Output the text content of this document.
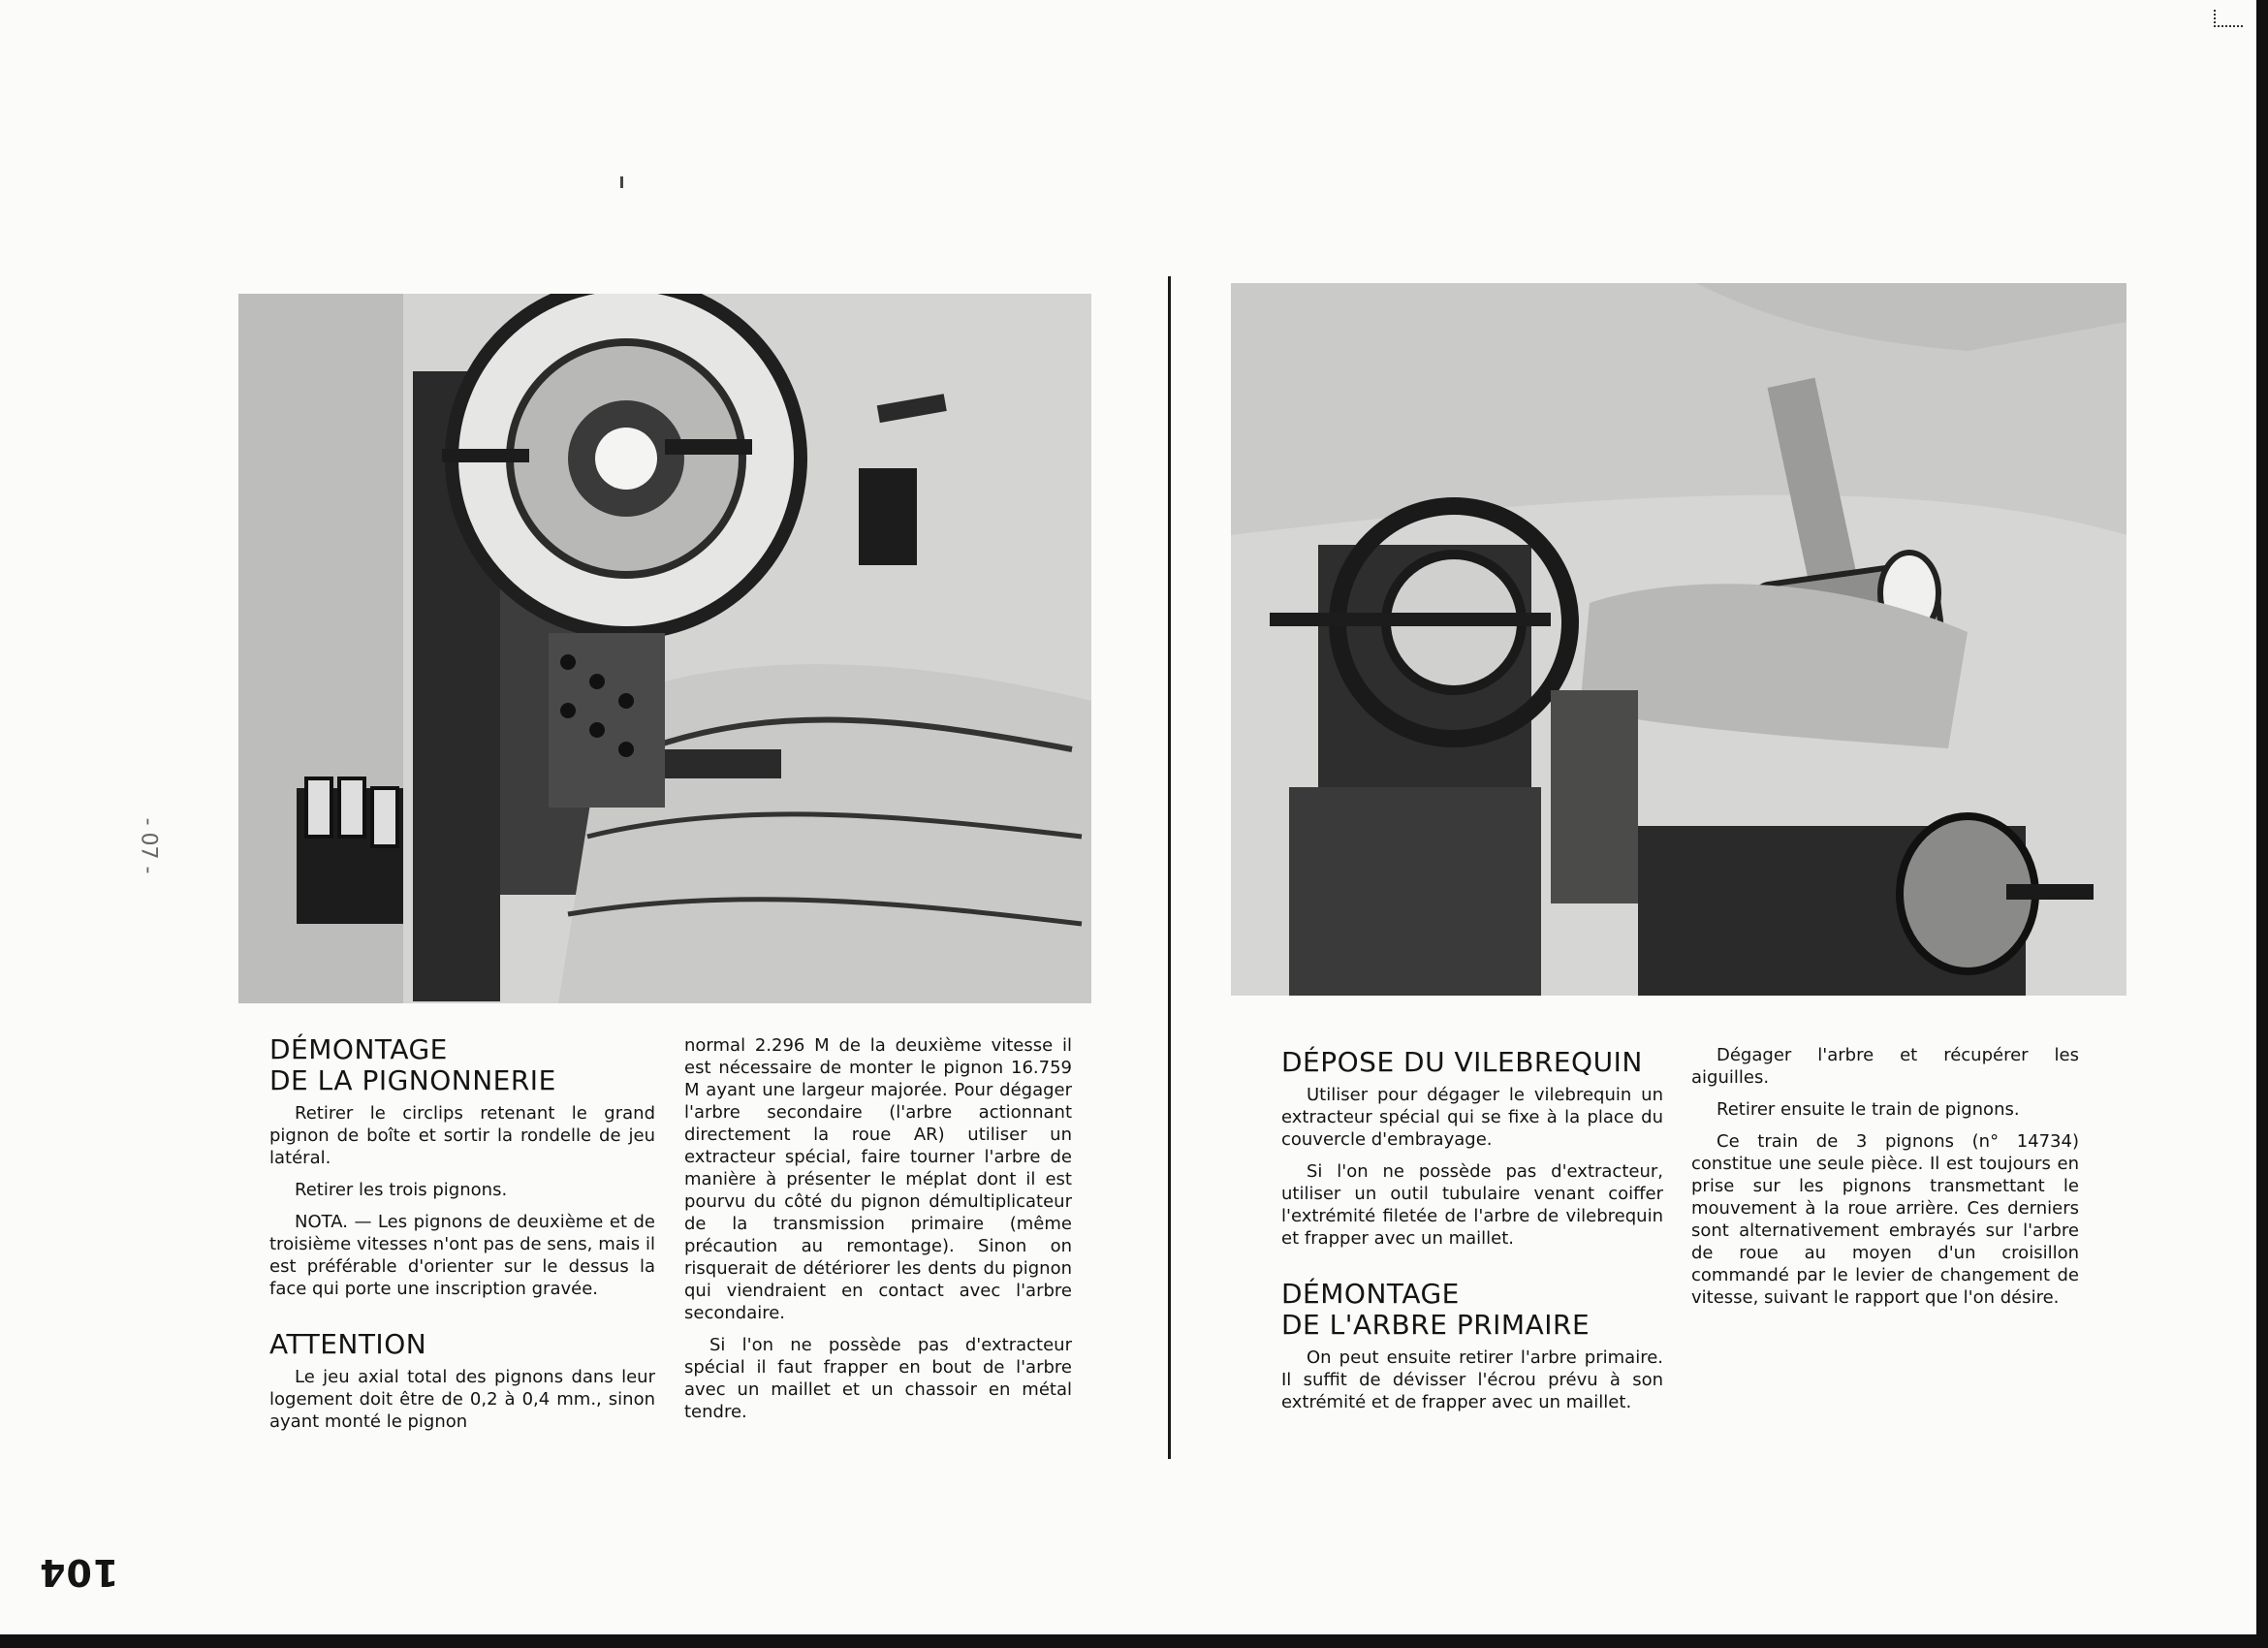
DÉMONTAGE
DE LA PIGNONNERIE

Retirer le circlips retenant le grand pignon de boîte et sortir la rondelle de jeu latéral.

Retirer les trois pignons.

NOTA. — Les pignons de deuxième et de troisième vitesses n'ont pas de sens, mais il est préférable d'orienter sur le dessus la face qui porte une inscription gravée.

ATTENTION

Le jeu axial total des pignons dans leur logement doit être de 0,2 à 0,4 mm., sinon ayant monté le pignon

normal 2.296 M de la deuxième vitesse il est nécessaire de monter le pignon 16.759 M ayant une largeur majorée. Pour dégager l'arbre secondaire (l'arbre actionnant directement la roue AR) utiliser un extracteur spécial, faire tourner l'arbre de manière à présenter le méplat dont il est pourvu du côté du pignon démultiplicateur de la transmission primaire (même précaution au remontage). Sinon on risquerait de détériorer les dents du pignon qui viendraient en contact avec l'arbre secondaire.

Si l'on ne possède pas d'extracteur spécial il faut frapper en bout de l'arbre avec un maillet et un chassoir en métal tendre.

DÉPOSE DU VILEBREQUIN

Utiliser pour dégager le vilebrequin un extracteur spécial qui se fixe à la place du couvercle d'embrayage.

Si l'on ne possède pas d'extracteur, utiliser un outil tubulaire venant coiffer l'extrémité filetée de l'arbre de vilebrequin et frapper avec un maillet.

DÉMONTAGE
DE L'ARBRE PRIMAIRE

On peut ensuite retirer l'arbre primaire. Il suffit de dévisser l'écrou prévu à son extrémité et de frapper avec un maillet.

Dégager l'arbre et récupérer les aiguilles.

Retirer ensuite le train de pignons.

Ce train de 3 pignons (n° 14734) constitue une seule pièce. Il est toujours en prise sur les pignons transmettant le mouvement à la roue arrière. Ces derniers sont alternativement embrayés sur l'arbre de roue au moyen d'un croisillon commandé par le levier de changement de vitesse, suivant le rapport que l'on désire.

104
- 07 -
